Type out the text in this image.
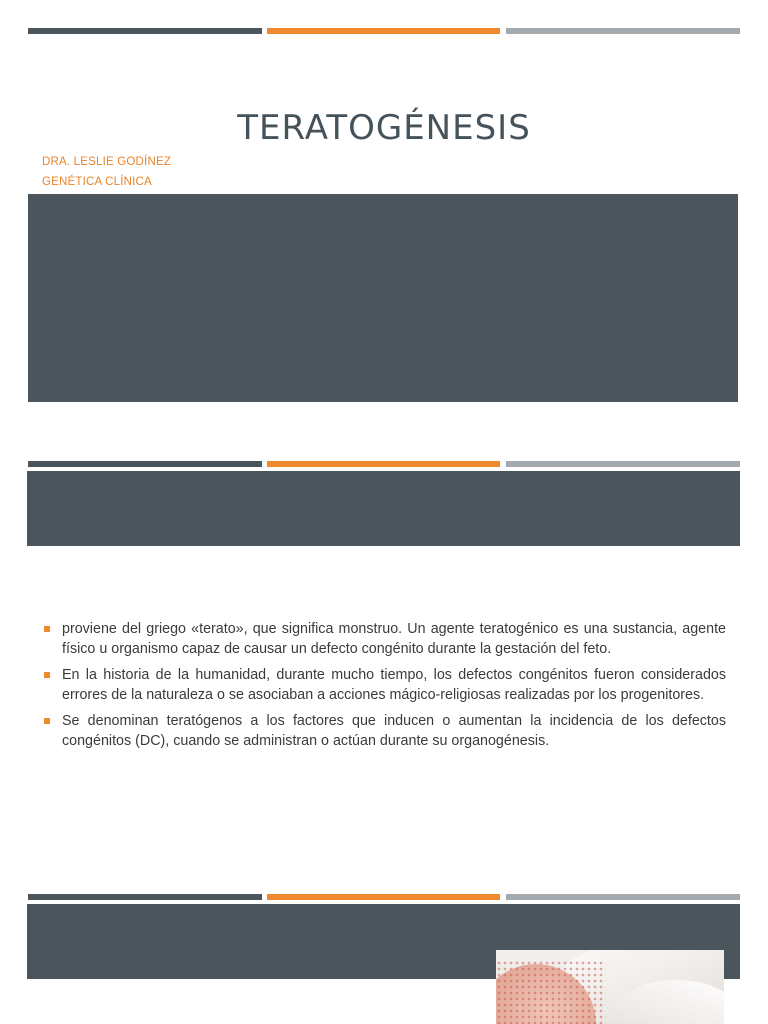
TERATOGÉNESIS
DRA. LESLIE GODÍNEZ
GENÉTICA CLÍNICA
proviene del griego «terato», que significa monstruo. Un agente teratogénico es una sustancia, agente físico u organismo capaz de causar un defecto congénito durante la gestación del feto.
En la historia de la humanidad, durante mucho tiempo, los defectos congénitos fueron considerados errores de la naturaleza o se asociaban a acciones mágico-religiosas realizadas por los progenitores.
Se denominan teratógenos a los factores que inducen o aumentan la incidencia de los defectos congénitos (DC), cuando se administran o actúan durante su organogénesis.
